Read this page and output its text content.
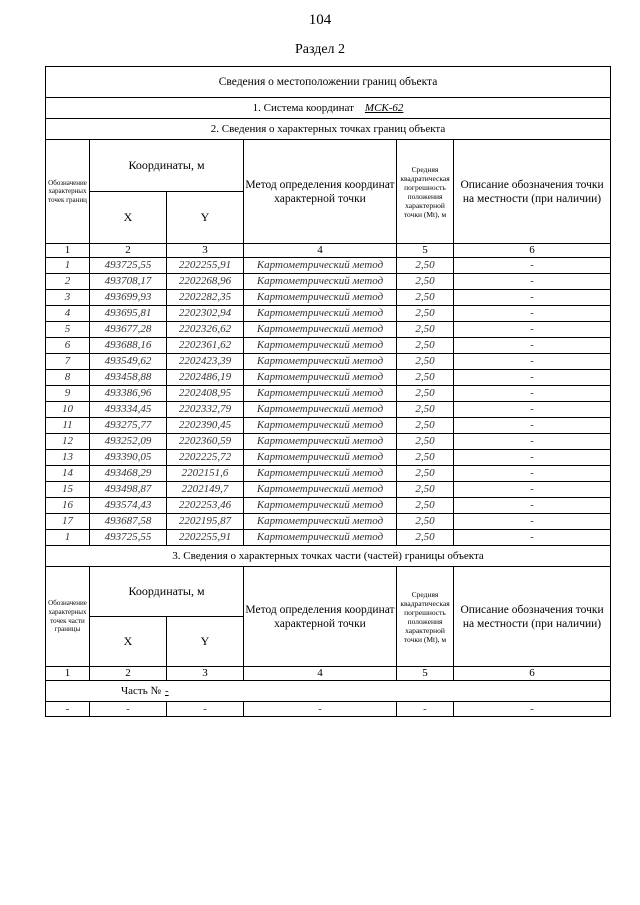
104
Раздел 2
Сведения о местоположении границ объекта					
1. Система координат МСК-62					
2. Сведения о характерных точках границ объекта					
Обозначение характерных точек границ	Координаты, м		Метод определения координат характерной точки	Средняя квадратическая погрешность положения характерной точки (Mt), м	Описание обозначения точки на местности (при наличии)
	X	Y			
1	2	3	4	5	6
1	493725,55	2202255,91	Картометрический метод	2,50	-
2	493708,17	2202268,96	Картометрический метод	2,50	-
3	493699,93	2202282,35	Картометрический метод	2,50	-
4	493695,81	2202302,94	Картометрический метод	2,50	-
5	493677,28	2202326,62	Картометрический метод	2,50	-
6	493688,16	2202361,62	Картометрический метод	2,50	-
7	493549,62	2202423,39	Картометрический метод	2,50	-
8	493458,88	2202486,19	Картометрический метод	2,50	-
9	493386,96	2202408,95	Картометрический метод	2,50	-
10	493334,45	2202332,79	Картометрический метод	2,50	-
11	493275,77	2202390,45	Картометрический метод	2,50	-
12	493252,09	2202360,59	Картометрический метод	2,50	-
13	493390,05	2202225,72	Картометрический метод	2,50	-
14	493468,29	2202151,6	Картометрический метод	2,50	-
15	493498,87	2202149,7	Картометрический метод	2,50	-
16	493574,43	2202253,46	Картометрический метод	2,50	-
17	493687,58	2202195,87	Картометрический метод	2,50	-
1	493725,55	2202255,91	Картометрический метод	2,50	-
3. Сведения о характерных точках части (частей) границы объекта					
Обозначение характерных точек части границы	Координаты, м		Метод определения координат характерной точки	Средняя квадратическая погрешность положения характерной точки (Mt), м	Описание обозначения точки на местности (при наличии)
	X	Y			
1	2	3	4	5	6
Часть № -					
-	-	-	-	-	-
